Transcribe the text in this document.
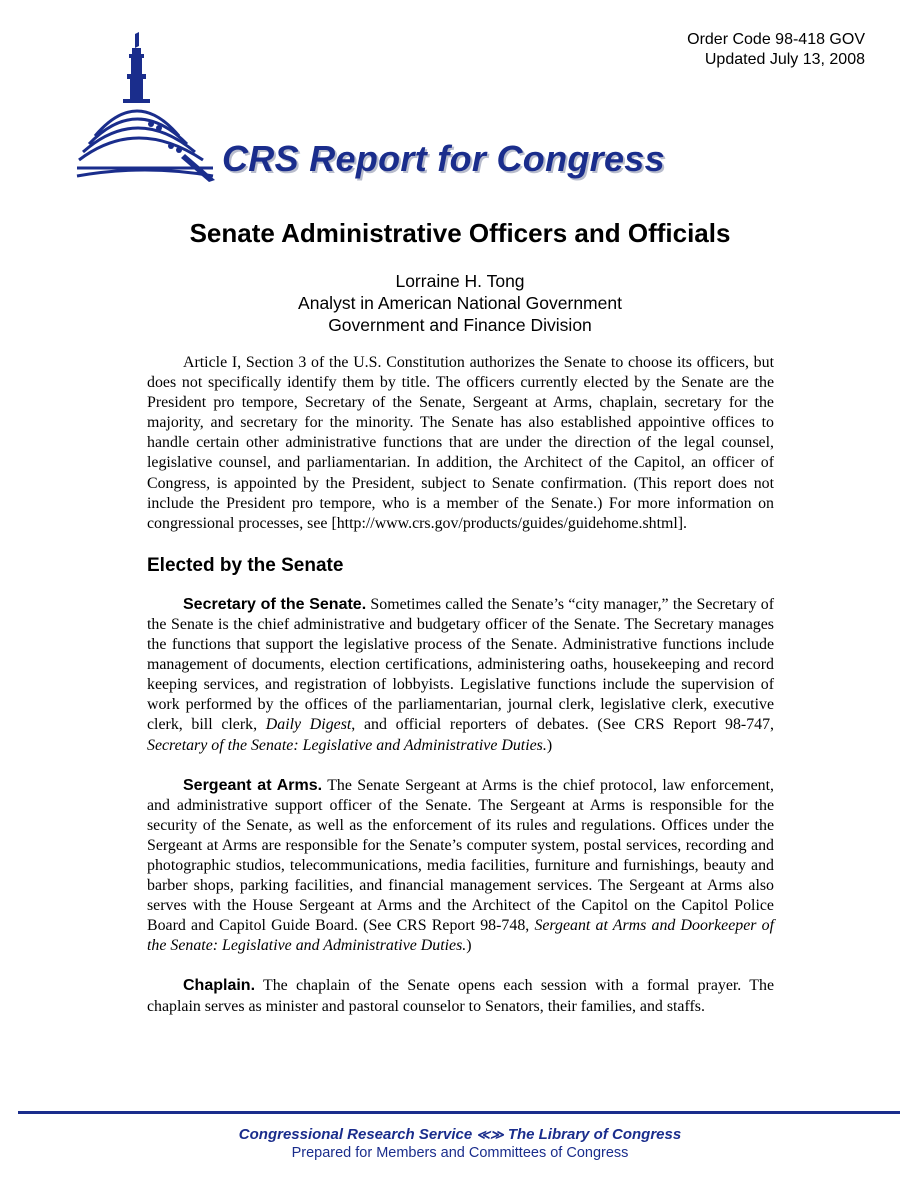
Order Code 98-418 GOV
Updated July 13, 2008
CRS Report for Congress
Senate Administrative Officers and Officials
Lorraine H. Tong
Analyst in American National Government
Government and Finance Division

Article I, Section 3 of the U.S. Constitution authorizes the Senate to choose its officers, but does not specifically identify them by title. The officers currently elected by the Senate are the President pro tempore, Secretary of the Senate, Sergeant at Arms, chaplain, secretary for the majority, and secretary for the minority. The Senate has also established appointive offices to handle certain other administrative functions that are under the direction of the legal counsel, legislative counsel, and parliamentarian. In addition, the Architect of the Capitol, an officer of Congress, is appointed by the President, subject to Senate confirmation. (This report does not include the President pro tempore, who is a member of the Senate.) For more information on congressional processes, see [http://www.crs.gov/products/guides/guidehome.shtml].

Elected by the Senate

Secretary of the Senate. Sometimes called the Senate’s “city manager,” the Secretary of the Senate is the chief administrative and budgetary officer of the Senate. The Secretary manages the functions that support the legislative process of the Senate. Administrative functions include management of documents, election certifications, administering oaths, housekeeping and record keeping services, and registration of lobbyists. Legislative functions include the supervision of work performed by the offices of the parliamentarian, journal clerk, legislative clerk, executive clerk, bill clerk, Daily Digest, and official reporters of debates. (See CRS Report 98-747, Secretary of the Senate: Legislative and Administrative Duties.)

Sergeant at Arms. The Senate Sergeant at Arms is the chief protocol, law enforcement, and administrative support officer of the Senate. The Sergeant at Arms is responsible for the security of the Senate, as well as the enforcement of its rules and regulations. Offices under the Sergeant at Arms are responsible for the Senate’s computer system, postal services, recording and photographic studios, telecommunications, media facilities, furniture and furnishings, beauty and barber shops, parking facilities, and financial management services. The Sergeant at Arms also serves with the House Sergeant at Arms and the Architect of the Capitol on the Capitol Police Board and Capitol Guide Board. (See CRS Report 98-748, Sergeant at Arms and Doorkeeper of the Senate: Legislative and Administrative Duties.)

Chaplain. The chaplain of the Senate opens each session with a formal prayer. The chaplain serves as minister and pastoral counselor to Senators, their families, and staffs.

Congressional Research Service ≪≫ The Library of Congress
Prepared for Members and Committees of Congress
